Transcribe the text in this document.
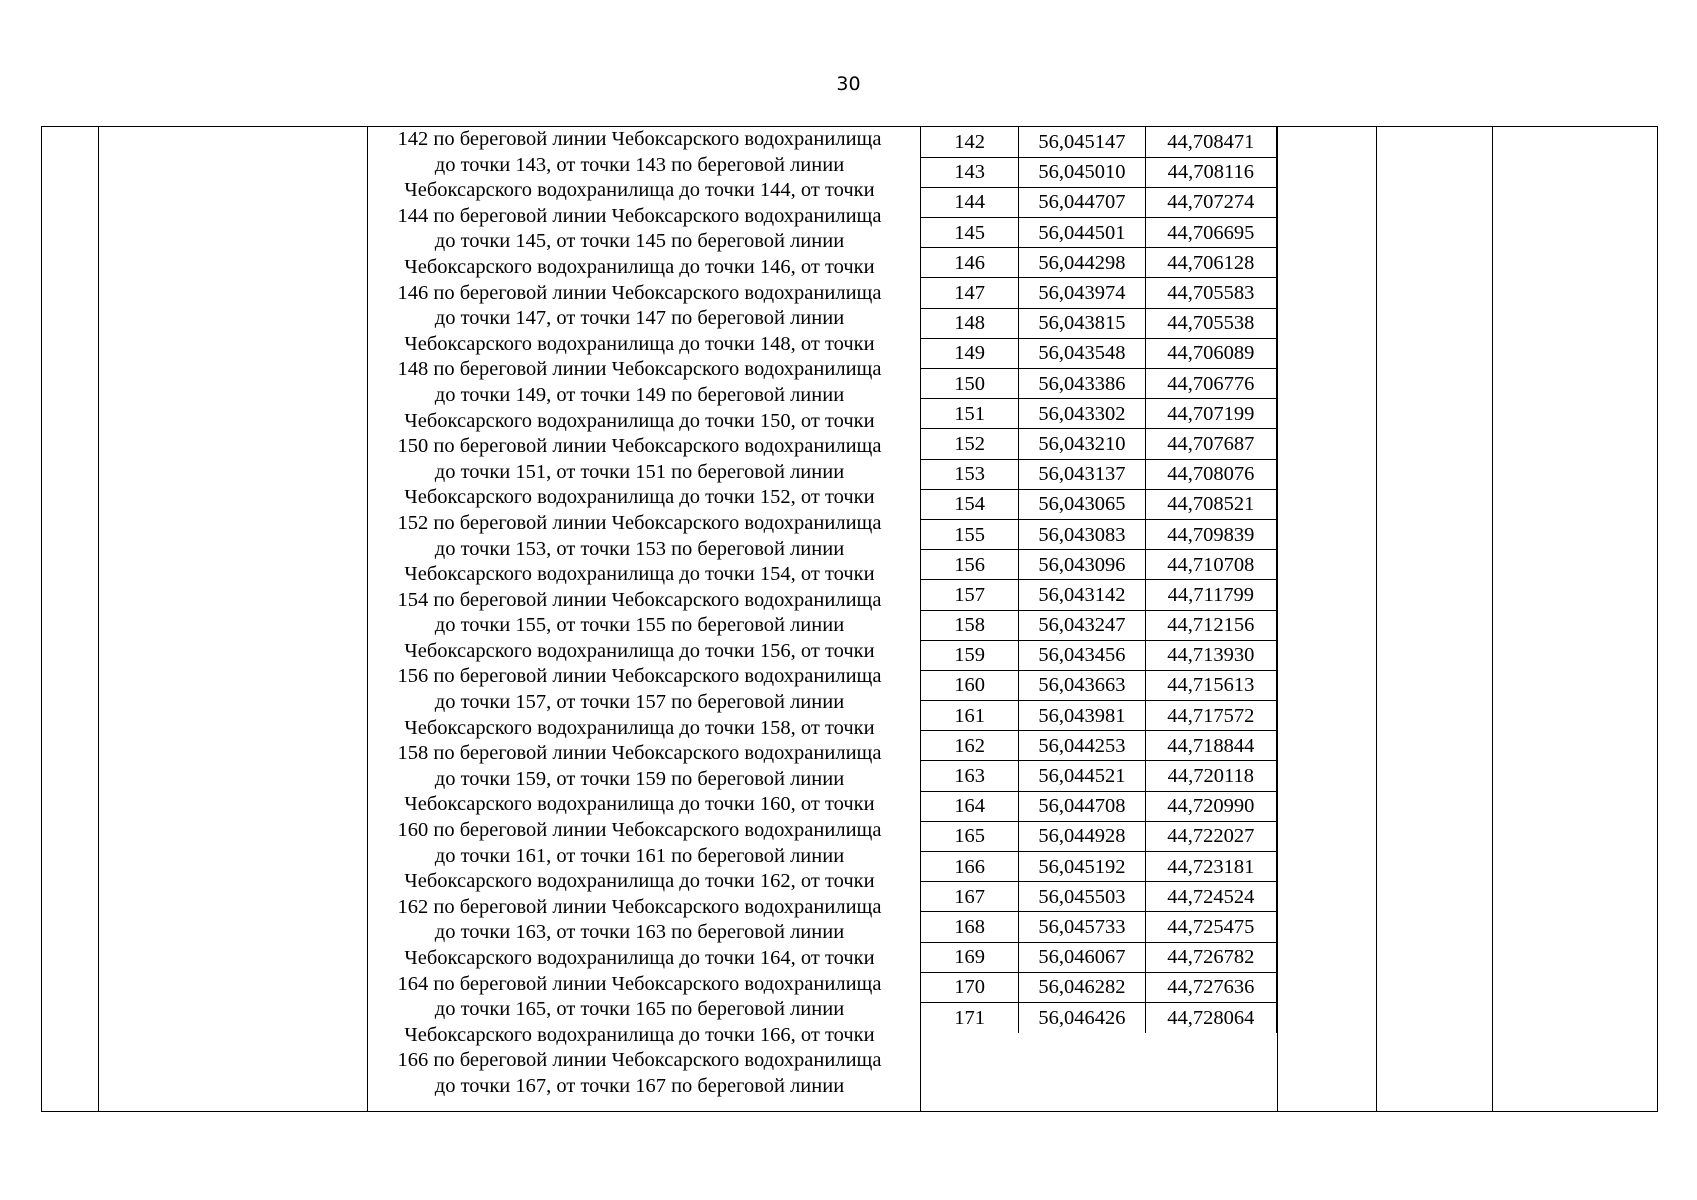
30
142 по береговой линии Чебоксарского водохранилища
до точки 143, от точки 143 по береговой линии
Чебоксарского водохранилища до точки 144, от точки
144 по береговой линии Чебоксарского водохранилища
до точки 145, от точки 145 по береговой линии
Чебоксарского водохранилища до точки 146, от точки
146 по береговой линии Чебоксарского водохранилища
до точки 147, от точки 147 по береговой линии
Чебоксарского водохранилища до точки 148, от точки
148 по береговой линии Чебоксарского водохранилища
до точки 149, от точки 149 по береговой линии
Чебоксарского водохранилища до точки 150, от точки
150 по береговой линии Чебоксарского водохранилища
до точки 151, от точки 151 по береговой линии
Чебоксарского водохранилища до точки 152, от точки
152 по береговой линии Чебоксарского водохранилища
до точки 153, от точки 153 по береговой линии
Чебоксарского водохранилища до точки 154, от точки
154 по береговой линии Чебоксарского водохранилища
до точки 155, от точки 155 по береговой линии
Чебоксарского водохранилища до точки 156, от точки
156 по береговой линии Чебоксарского водохранилища
до точки 157, от точки 157 по береговой линии
Чебоксарского водохранилища до точки 158, от точки
158 по береговой линии Чебоксарского водохранилища
до точки 159, от точки 159 по береговой линии
Чебоксарского водохранилища до точки 160, от точки
160 по береговой линии Чебоксарского водохранилища
до точки 161, от точки 161 по береговой линии
Чебоксарского водохранилища до точки 162, от точки
162 по береговой линии Чебоксарского водохранилища
до точки 163, от точки 163 по береговой линии
Чебоксарского водохранилища до точки 164, от точки
164 по береговой линии Чебоксарского водохранилища
до точки 165, от точки 165 по береговой линии
Чебоксарского водохранилища до точки 166, от точки
166 по береговой линии Чебоксарского водохранилища
до точки 167, от точки 167 по береговой линии
142	56,045147	44,708471
143	56,045010	44,708116
144	56,044707	44,707274
145	56,044501	44,706695
146	56,044298	44,706128
147	56,043974	44,705583
148	56,043815	44,705538
149	56,043548	44,706089
150	56,043386	44,706776
151	56,043302	44,707199
152	56,043210	44,707687
153	56,043137	44,708076
154	56,043065	44,708521
155	56,043083	44,709839
156	56,043096	44,710708
157	56,043142	44,711799
158	56,043247	44,712156
159	56,043456	44,713930
160	56,043663	44,715613
161	56,043981	44,717572
162	56,044253	44,718844
163	56,044521	44,720118
164	56,044708	44,720990
165	56,044928	44,722027
166	56,045192	44,723181
167	56,045503	44,724524
168	56,045733	44,725475
169	56,046067	44,726782
170	56,046282	44,727636
171	56,046426	44,728064
